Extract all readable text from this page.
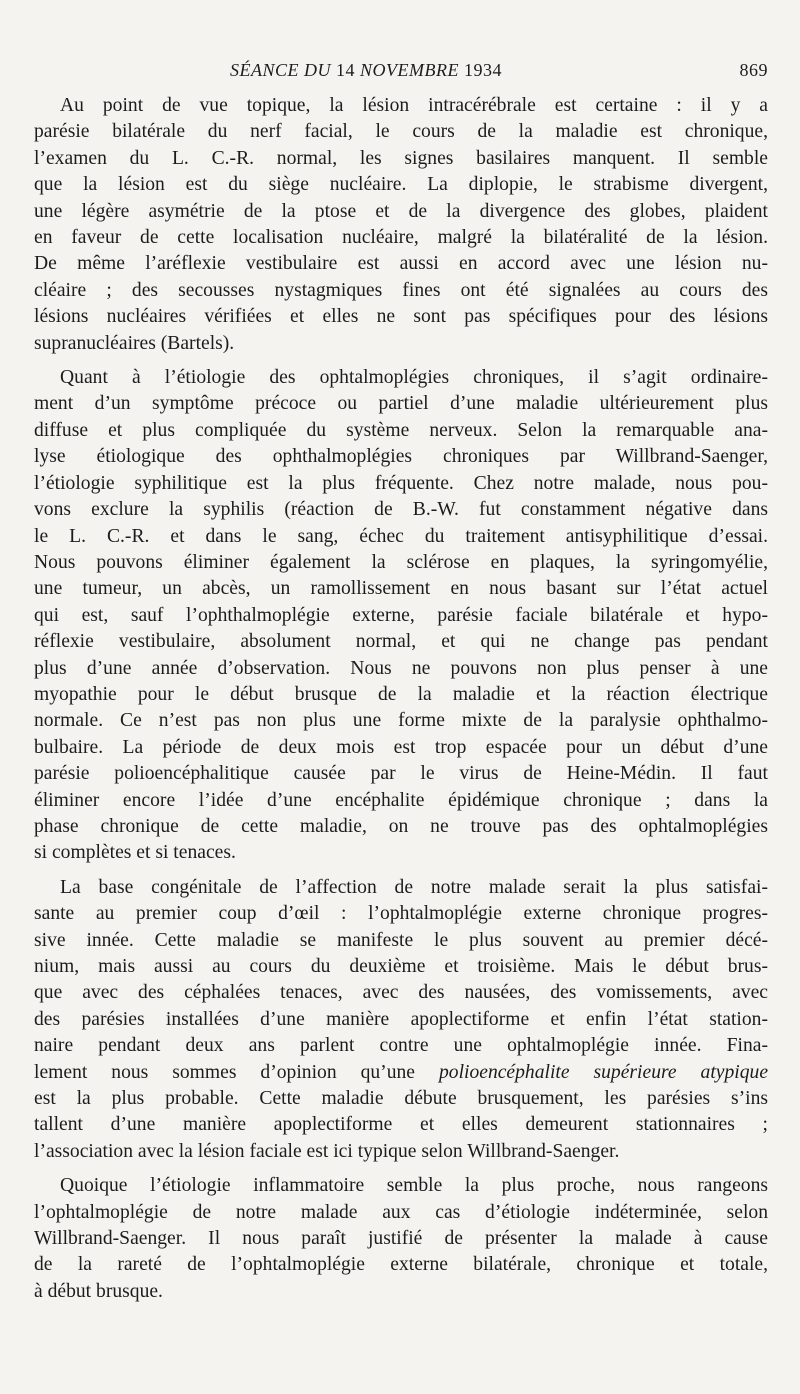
SÉANCE DU 14 NOVEMBRE 1934	869
Au point de vue topique, la lésion intracérébrale est certaine : il y a
parésie bilatérale du nerf facial, le cours de la maladie est chronique,
l’examen du L. C.-R. normal, les signes basilaires manquent. Il semble
que la lésion est du siège nucléaire. La diplopie, le strabisme divergent,
une légère asymétrie de la ptose et de la divergence des globes, plaident
en faveur de cette localisation nucléaire, malgré la bilatéralité de la lésion.
De même l’aréflexie vestibulaire est aussi en accord avec une lésion nu-
cléaire ; des secousses nystagmiques fines ont été signalées au cours des
lésions nucléaires vérifiées et elles ne sont pas spécifiques pour des lésions
supranucléaires (Bartels).
Quant à l’étiologie des ophtalmoplégies chroniques, il s’agit ordinaire-
ment d’un symptôme précoce ou partiel d’une maladie ultérieurement plus
diffuse et plus compliquée du système nerveux. Selon la remarquable ana-
lyse étiologique des ophthalmoplégies chroniques par Willbrand-Saenger,
l’étiologie syphilitique est la plus fréquente. Chez notre malade, nous pou-
vons exclure la syphilis (réaction de B.-W. fut constamment négative dans
le L. C.-R. et dans le sang, échec du traitement antisyphilitique d’essai.
Nous pouvons éliminer également la sclérose en plaques, la syringomyélie,
une tumeur, un abcès, un ramollissement en nous basant sur l’état actuel
qui est, sauf l’ophthalmoplégie externe, parésie faciale bilatérale et hypo-
réflexie vestibulaire, absolument normal, et qui ne change pas pendant
plus d’une année d’observation. Nous ne pouvons non plus penser à une
myopathie pour le début brusque de la maladie et la réaction électrique
normale. Ce n’est pas non plus une forme mixte de la paralysie ophthalmo-
bulbaire. La période de deux mois est trop espacée pour un début d’une
parésie polioencéphalitique causée par le virus de Heine-Médin. Il faut
éliminer encore l’idée d’une encéphalite épidémique chronique ; dans la
phase chronique de cette maladie, on ne trouve pas des ophtalmoplégies
si complètes et si tenaces.
La base congénitale de l’affection de notre malade serait la plus satisfai-
sante au premier coup d’œil : l’ophtalmoplégie externe chronique progres-
sive innée. Cette maladie se manifeste le plus souvent au premier décé-
nium, mais aussi au cours du deuxième et troisième. Mais le début brus-
que avec des céphalées tenaces, avec des nausées, des vomissements, avec
des parésies installées d’une manière apoplectiforme et enfin l’état station-
naire pendant deux ans parlent contre une ophtalmoplégie innée. Fina-
lement nous sommes d’opinion qu’une polioencéphalite supérieure atypique
est la plus probable. Cette maladie débute brusquement, les parésies s’ins
tallent d’une manière apoplectiforme et elles demeurent stationnaires ;
l’association avec la lésion faciale est ici typique selon Willbrand-Saenger.
Quoique l’étiologie inflammatoire semble la plus proche, nous rangeons
l’ophtalmoplégie de notre malade aux cas d’étiologie indéterminée, selon
Willbrand-Saenger. Il nous paraît justifié de présenter la malade à cause
de la rareté de l’ophtalmoplégie externe bilatérale, chronique et totale,
à début brusque.
